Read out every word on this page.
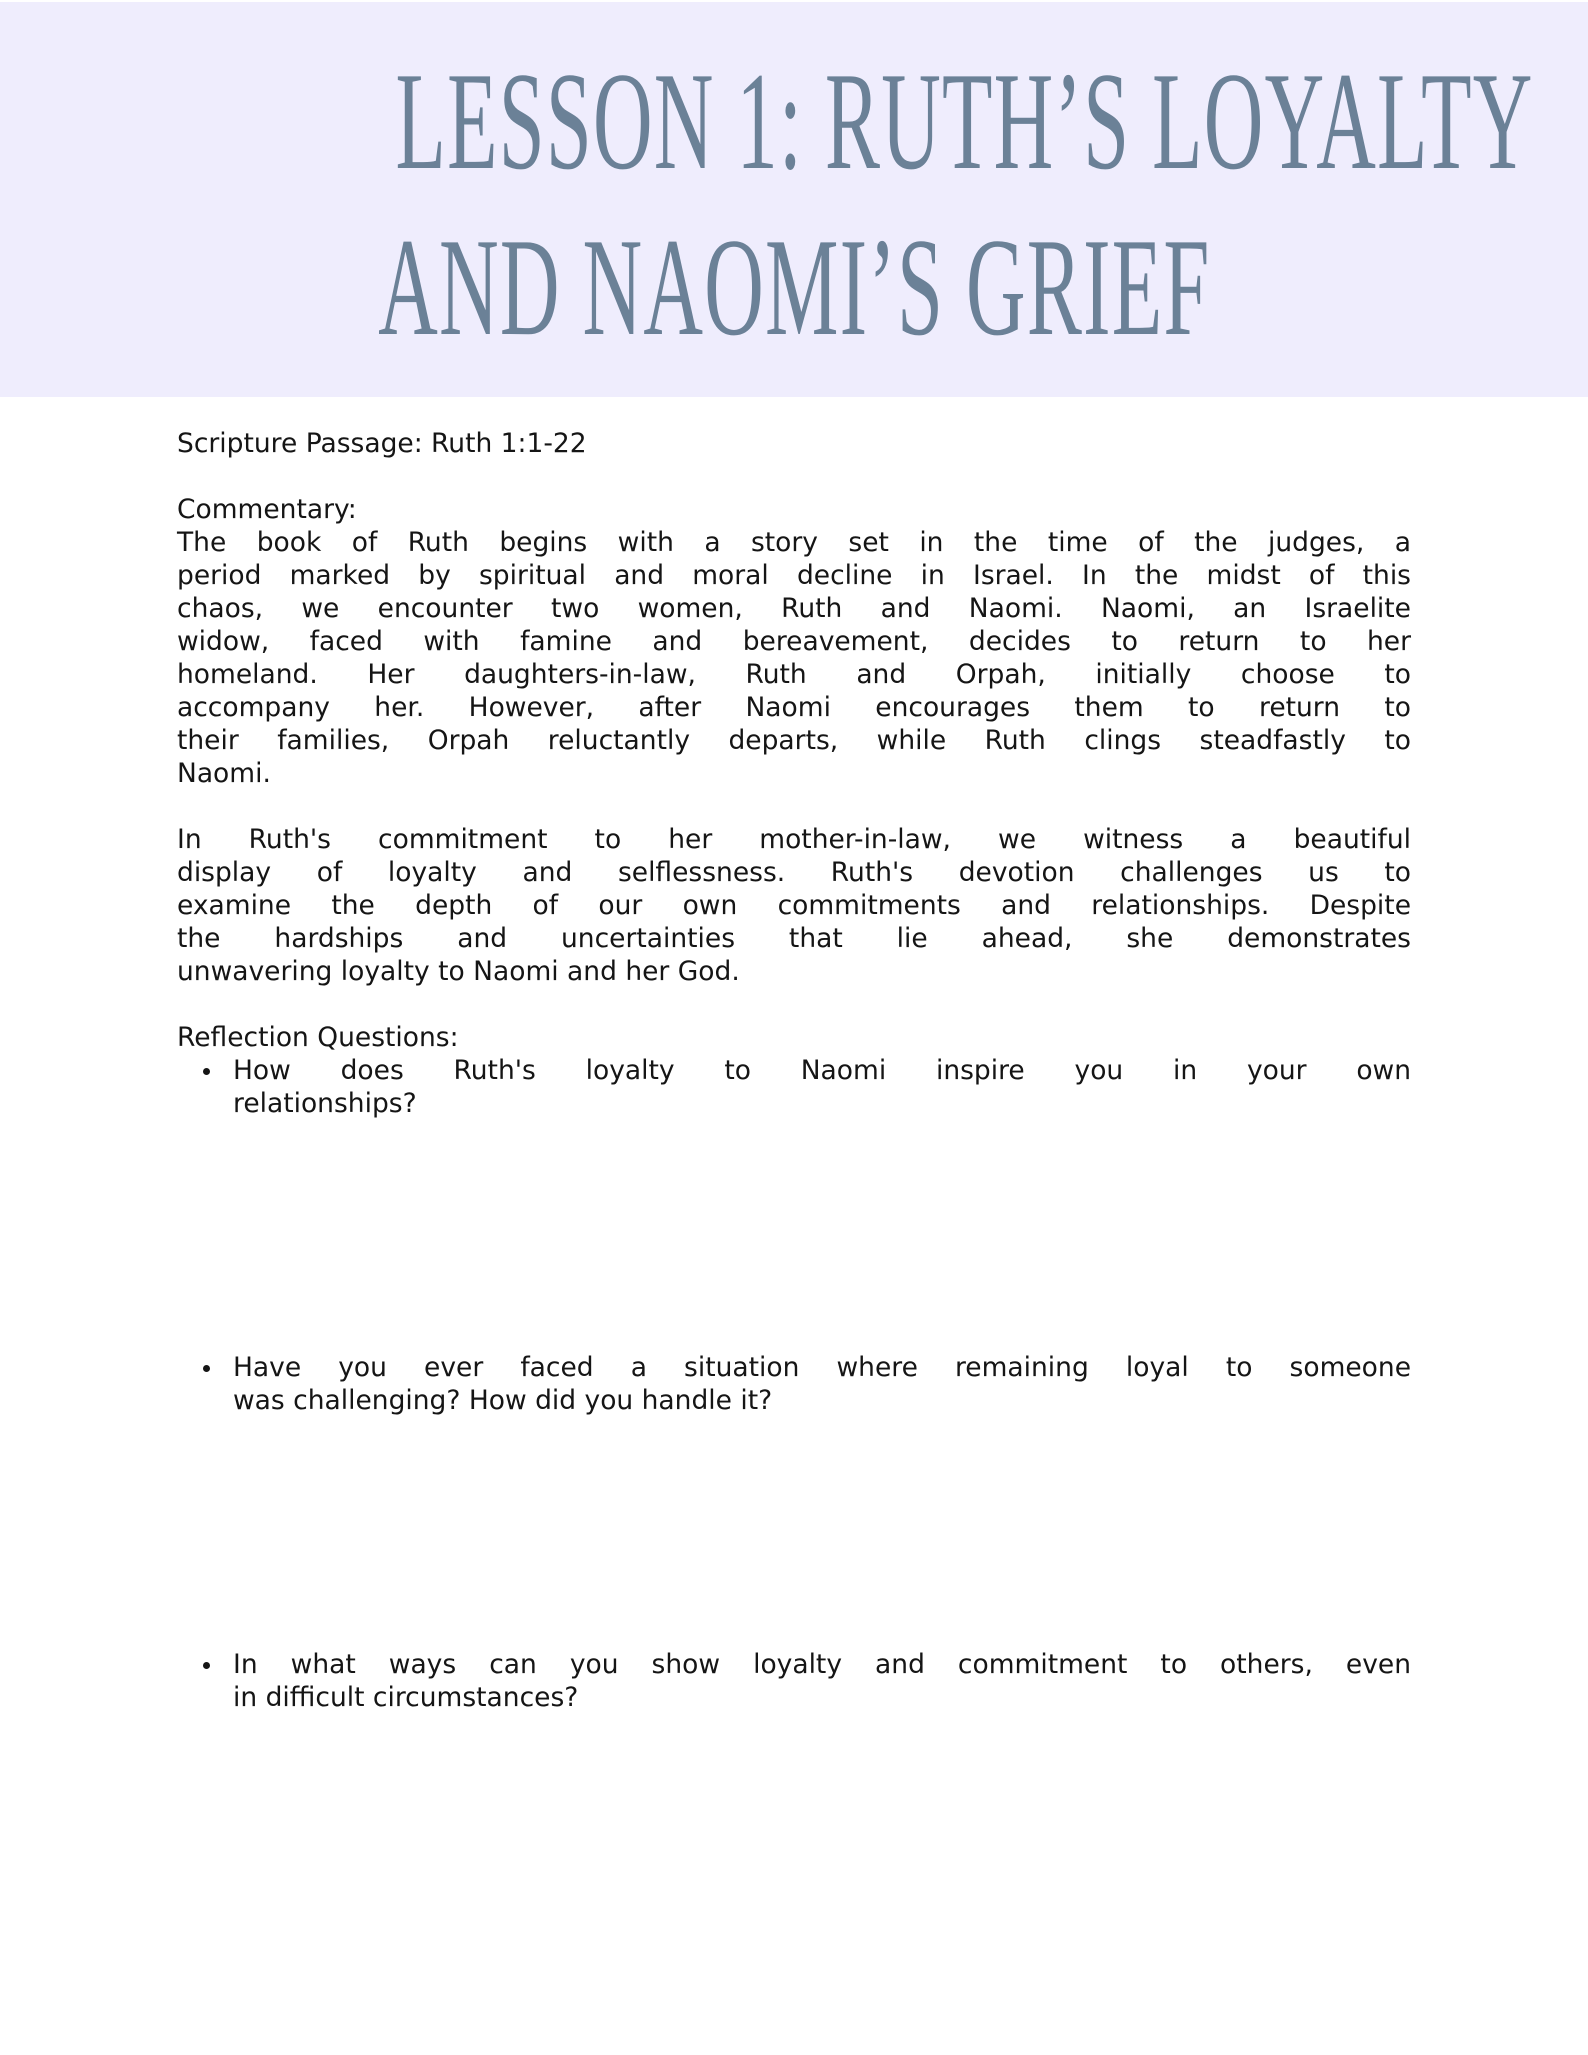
LESSON 1: RUTH’S LOYALTY
AND NAOMI’S GRIEF
Scripture Passage: Ruth 1:1-22
Commentary:
The book of Ruth begins with a story set in the time of the judges, a
period marked by spiritual and moral decline in Israel. In the midst of this
chaos, we encounter two women, Ruth and Naomi. Naomi, an Israelite
widow, faced with famine and bereavement, decides to return to her
homeland. Her daughters-in-law, Ruth and Orpah, initially choose to
accompany her. However, after Naomi encourages them to return to
their families, Orpah reluctantly departs, while Ruth clings steadfastly to
Naomi.
In Ruth's commitment to her mother-in-law, we witness a beautiful
display of loyalty and selflessness. Ruth's devotion challenges us to
examine the depth of our own commitments and relationships. Despite
the hardships and uncertainties that lie ahead, she demonstrates
unwavering loyalty to Naomi and her God.
Reflection Questions:
How does Ruth's loyalty to Naomi inspire you in your own
relationships?
Have you ever faced a situation where remaining loyal to someone
was challenging? How did you handle it?
In what ways can you show loyalty and commitment to others, even
in difficult circumstances?
